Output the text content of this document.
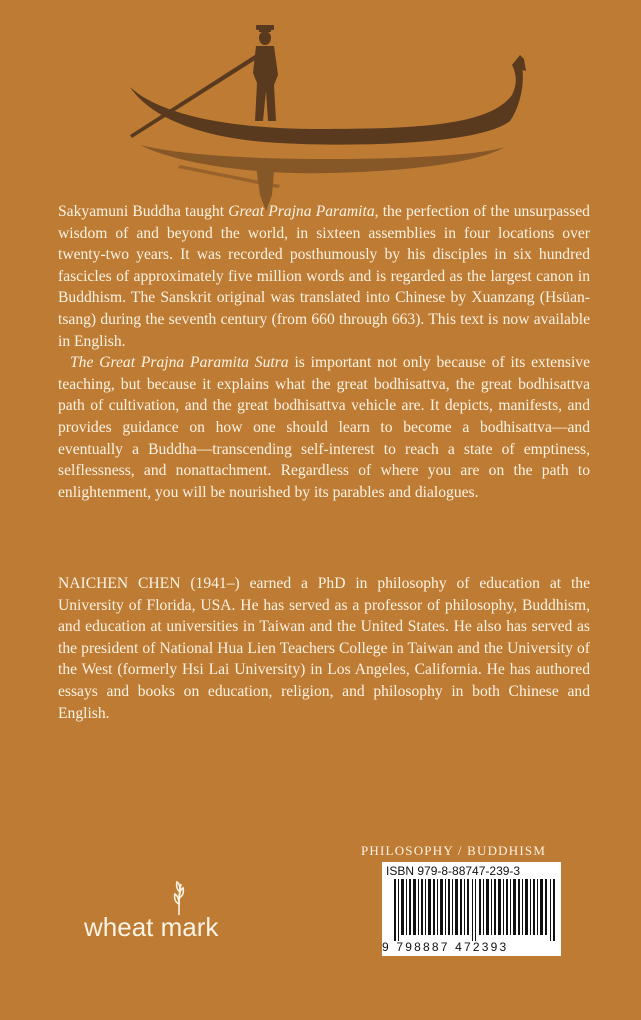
Sakyamuni Buddha taught Great Prajna Paramita, the perfection of the unsurpassed wisdom of and beyond the world, in sixteen assemblies in four locations over twenty-two years. It was recorded posthumously by his disciples in six hundred fascicles of approximately five million words and is regarded as the largest canon in Buddhism. The Sanskrit original was translated into Chinese by Xuanzang (Hsüan-tsang) during the seventh century (from 660 through 663). This text is now available in English.

The Great Prajna Paramita Sutra is important not only because of its extensive teaching, but because it explains what the great bodhisattva, the great bodhisattva path of cultivation, and the great bodhisattva vehicle are. It depicts, manifests, and provides guidance on how one should learn to become a bodhisattva—and eventually a Buddha—transcending self-interest to reach a state of emptiness, selflessness, and nonattachment. Regardless of where you are on the path to enlightenment, you will be nourished by its parables and dialogues.

NAICHEN CHEN (1941–) earned a PhD in philosophy of education at the University of Florida, USA. He has served as a professor of philosophy, Buddhism, and education at universities in Taiwan and the United States. He also has served as the president of National Hua Lien Teachers College in Taiwan and the University of the West (formerly Hsi Lai University) in Los Angeles, California. He has authored essays and books on education, religion, and philosophy in both Chinese and English.

PHILOSOPHY / BUDDHISM
wheat mark
ISBN 979-8-88747-239-3
9 798887 472393
